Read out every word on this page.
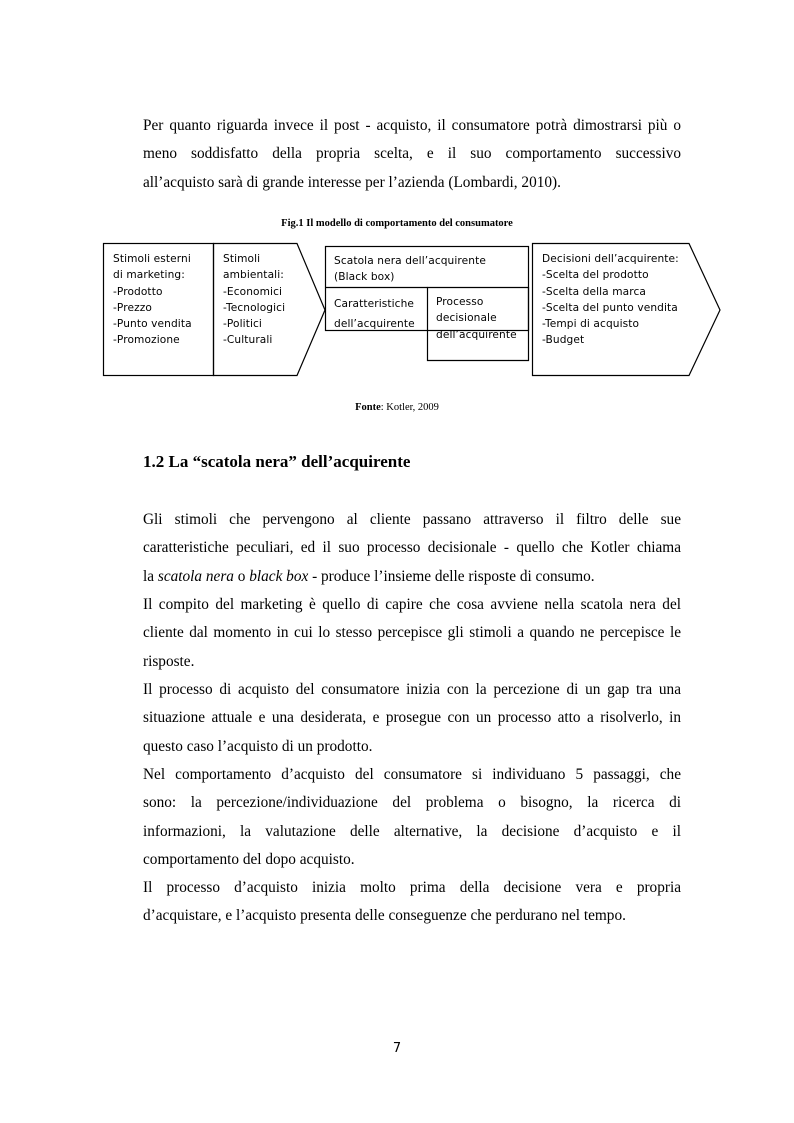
Per quanto riguarda invece il post - acquisto, il consumatore potrà dimostrarsi più o
meno soddisfatto della propria scelta, e il suo comportamento successivo
all’acquisto sarà di grande interesse per l’azienda (Lombardi, 2010).
Fig.1 Il modello di comportamento del consumatore
Stimoli esterni
di marketing:
-Prodotto
-Prezzo
-Punto vendita
-Promozione
Stimoli
ambientali:
-Economici
-Tecnologici
-Politici
-Culturali
Scatola nera dell’acquirente
(Black box)
Caratteristiche
dell’acquirente
Processo
decisionale
dell’acquirente
Decisioni dell’acquirente:
-Scelta del prodotto
-Scelta della marca
-Scelta del punto vendita
-Tempi di acquisto
-Budget
Fonte: Kotler, 2009
1.2 La “scatola nera” dell’acquirente
Gli stimoli che pervengono al cliente passano attraverso il filtro delle sue
caratteristiche peculiari, ed il suo processo decisionale - quello che Kotler chiama
la scatola nera o black box - produce l’insieme delle risposte di consumo.
Il compito del marketing è quello di capire che cosa avviene nella scatola nera del
cliente dal momento in cui lo stesso percepisce gli stimoli a quando ne percepisce le
risposte.
Il processo di acquisto del consumatore inizia con la percezione di un gap tra una
situazione attuale e una desiderata, e prosegue con un processo atto a risolverlo, in
questo caso l’acquisto di un prodotto.
Nel comportamento d’acquisto del consumatore si individuano 5 passaggi, che
sono: la percezione/individuazione del problema o bisogno, la ricerca di
informazioni, la valutazione delle alternative, la decisione d’acquisto e il
comportamento del dopo acquisto.
Il processo d’acquisto inizia molto prima della decisione vera e propria
d’acquistare, e l’acquisto presenta delle conseguenze che perdurano nel tempo.
7
